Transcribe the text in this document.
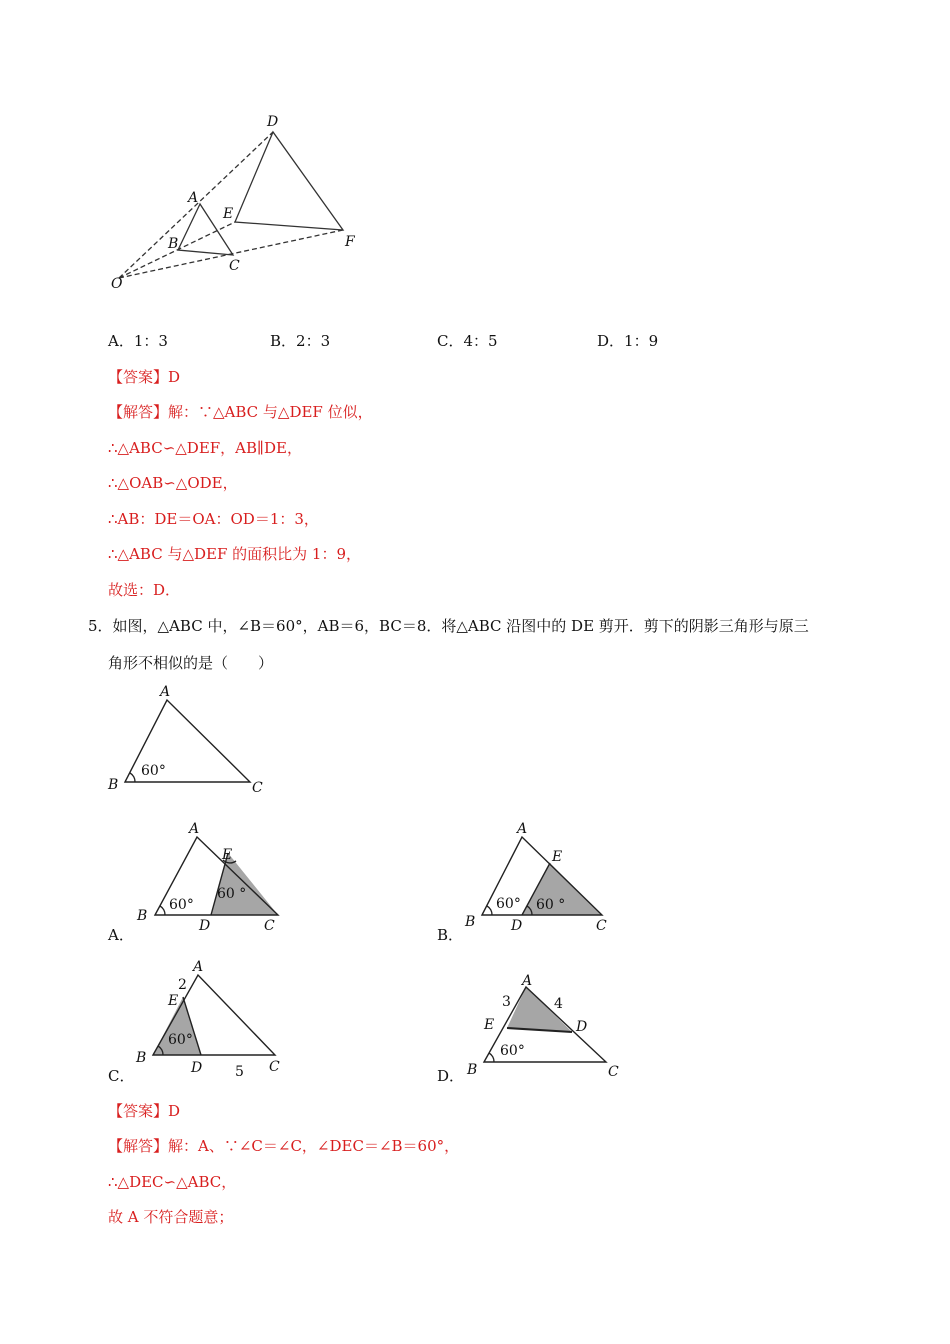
D
A
E
B
C
F
O
A．1：3	B．2：3	C．4：5	D．1：9
【答案】D
【解答】解：∵△ABC 与△DEF 位似，
∴△ABC∽△DEF，AB∥DE，
∴△OAB∽△ODE，
∴AB：DE＝OA：OD＝1：3，
∴△ABC 与△DEF 的面积比为 1：9，
故选：D．
5．如图，△ABC 中，∠B＝60°，AB＝6，BC＝8．将△ABC 沿图中的 DE 剪开．剪下的阴影三角形与原三
角形不相似的是（　　）
A
B	C
60°
A．
A
E
B
D	C
60°
60 °
B．
A
E
B	D	C
60° 60 °
C．
A
2
E
B
D 5 C
60°
D．
A
3	4
E	D
B	C
60°
【答案】D
【解答】解：A、∵∠C＝∠C，∠DEC＝∠B＝60°，
∴△DEC∽△ABC，
故 A 不符合题意；
